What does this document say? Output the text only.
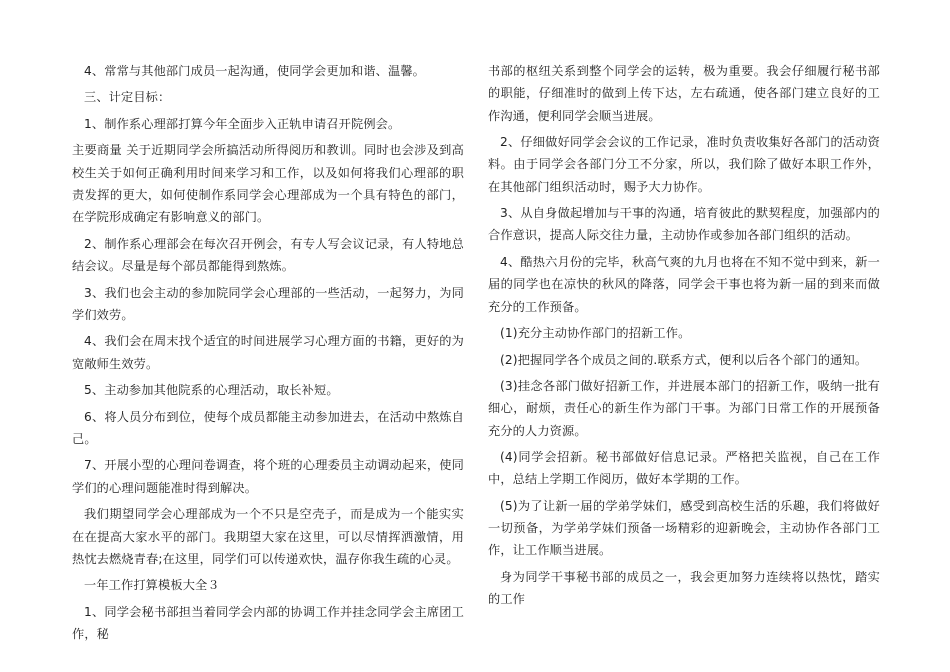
4、常常与其他部门成员一起沟通，使同学会更加和谐、温馨。

三、计定目标：

1、制作系心理部打算今年全面步入正轨申请召开院例会。

主要商量 关于近期同学会所搞活动所得阅历和教训。同时也会涉及到高校生关于如何正确利用时间来学习和工作，以及如何将我们心理部的职责发挥的更大，如何使制作系同学会心理部成为一个具有特色的部门，在学院形成确定有影响意义的部门。

2、制作系心理部会在每次召开例会，有专人写会议记录，有人特地总结会议。尽量是每个部员都能得到熬炼。

3、我们也会主动的参加院同学会心理部的一些活动，一起努力，为同学们效劳。

4、我们会在周末找个适宜的时间进展学习心理方面的书籍，更好的为宽敞师生效劳。

5、主动参加其他院系的心理活动，取长补短。

6、将人员分布到位，使每个成员都能主动参加进去，在活动中熬炼自己。

7、开展小型的心理问卷调查，将个班的心理委员主动调动起来，使同学们的心理问题能准时得到解决。

我们期望同学会心理部成为一个不只是空壳子，而是成为一个能实实在在提高大家水平的部门。我期望大家在这里，可以尽情挥洒激情，用热忱去燃烧青春;在这里，同学们可以传递欢快，温存你我生疏的心灵。

一年工作打算模板大全３

1、同学会秘书部担当着同学会内部的协调工作并挂念同学会主席团工作，秘

书部的枢纽关系到整个同学会的运转，极为重要。我会仔细履行秘书部的职能，仔细准时的做到上传下达，左右疏通，使各部门建立良好的工作沟通，便利同学会顺当进展。

2、仔细做好同学会会议的工作记录，准时负责收集好各部门的活动资料。由于同学会各部门分工不分家，所以，我们除了做好本职工作外，在其他部门组织活动时，赐予大力协作。

3、从自身做起增加与干事的沟通，培育彼此的默契程度，加强部内的合作意识，提高人际交往力量，主动协作或参加各部门组织的活动。

4、酷热六月份的完毕，秋高气爽的九月也将在不知不觉中到来，新一届的同学也在凉快的秋风的降落，同学会干事也将为新一届的到来而做充分的工作预备。

(1)充分主动协作部门的招新工作。

(2)把握同学各个成员之间的.联系方式，便利以后各个部门的通知。

(3)挂念各部门做好招新工作，并进展本部门的招新工作，吸纳一批有细心，耐烦，责任心的新生作为部门干事。为部门日常工作的开展预备充分的人力资源。

(4)同学会招新。秘书部做好信息记录。严格把关监视，自己在工作中，总结上学期工作阅历，做好本学期的工作。

(5)为了让新一届的学弟学妹们，感受到高校生活的乐趣，我们将做好一切预备，为学弟学妹们预备一场精彩的迎新晚会，主动协作各部门工作，让工作顺当进展。

身为同学干事秘书部的成员之一，我会更加努力连续将以热忱，踏实的工作
